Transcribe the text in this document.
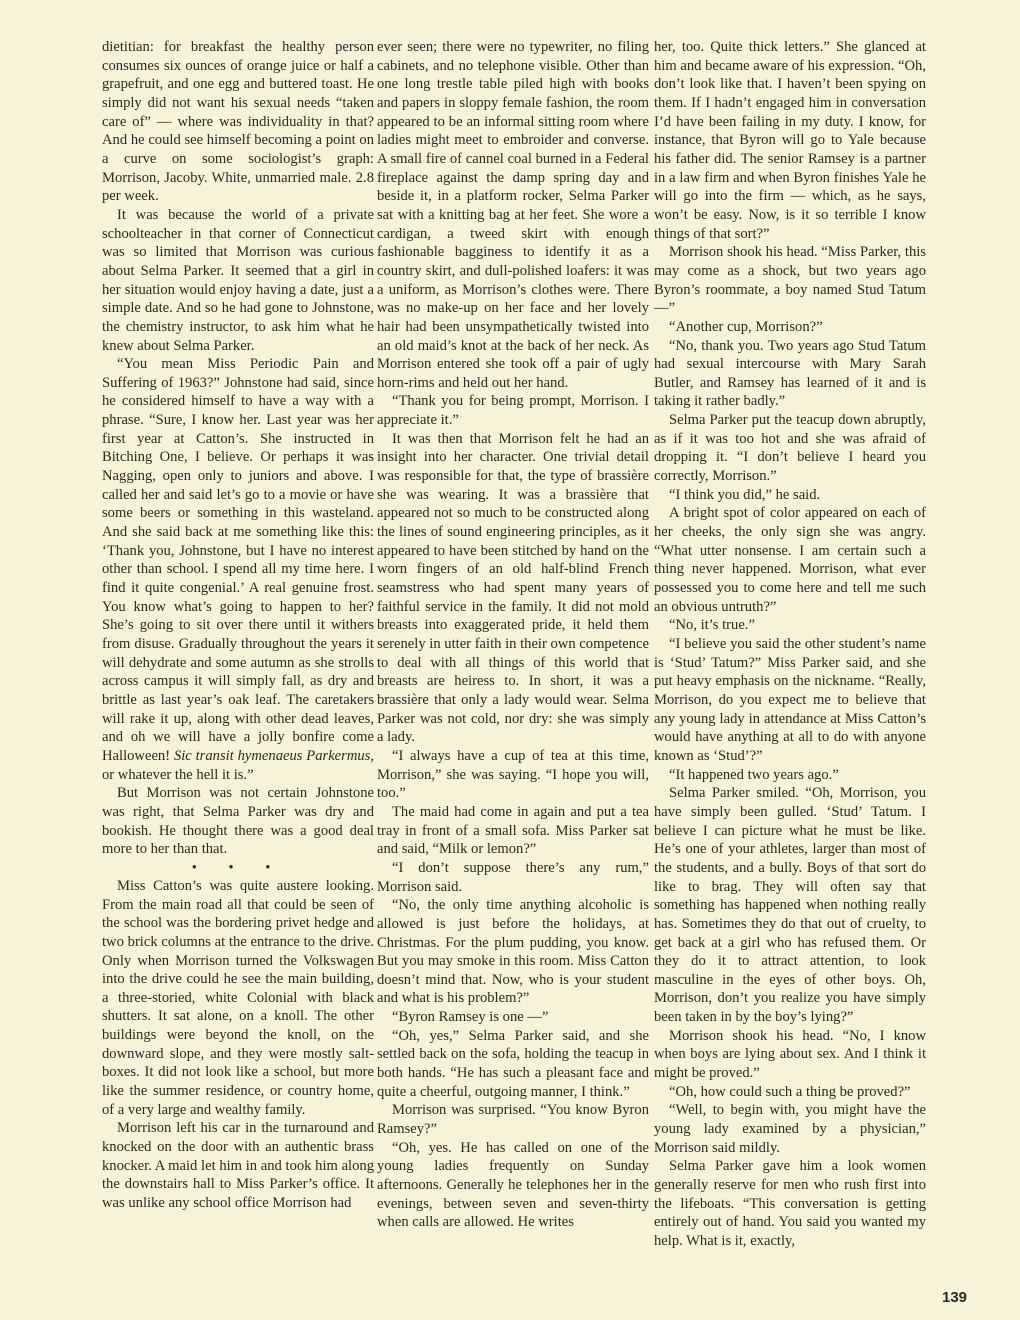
dietitian: for breakfast the healthy person consumes six ounces of orange juice or half a grapefruit, and one egg and buttered toast. He simply did not want his sexual needs “taken care of” — where was individuality in that? And he could see himself becoming a point on a curve on some sociologist’s graph: Morrison, Jacoby. White, unmarried male. 2.8 per week.

It was because the world of a private schoolteacher in that corner of Connecticut was so limited that Morrison was curious about Selma Parker. It seemed that a girl in her situation would enjoy having a date, just a simple date. And so he had gone to Johnstone, the chemistry instructor, to ask him what he knew about Selma Parker.

“You mean Miss Periodic Pain and Suffering of 1963?” Johnstone had said, since he considered himself to have a way with a phrase. “Sure, I know her. Last year was her first year at Catton’s. She instructed in Bitching One, I believe. Or perhaps it was Nagging, open only to juniors and above. I called her and said let’s go to a movie or have some beers or something in this wasteland. And she said back at me something like this: ‘Thank you, Johnstone, but I have no interest other than school. I spend all my time here. I find it quite congenial.’ A real genuine frost. You know what’s going to happen to her? She’s going to sit over there until it withers from disuse. Gradually throughout the years it will dehydrate and some autumn as she strolls across campus it will simply fall, as dry and brittle as last year’s oak leaf. The caretakers will rake it up, along with other dead leaves, and oh we will have a jolly bonfire come Halloween! Sic transit hymenaeus Parkermus, or whatever the hell it is.”

But Morrison was not certain Johnstone was right, that Selma Parker was dry and bookish. He thought there was a good deal more to her than that.

• • •

Miss Catton’s was quite austere looking. From the main road all that could be seen of the school was the bordering privet hedge and two brick columns at the entrance to the drive. Only when Morrison turned the Volkswagen into the drive could he see the main building, a three-storied, white Colonial with black shutters. It sat alone, on a knoll. The other buildings were beyond the knoll, on the downward slope, and they were mostly salt-boxes. It did not look like a school, but more like the summer residence, or country home, of a very large and wealthy family.

Morrison left his car in the turnaround and knocked on the door with an authentic brass knocker. A maid let him in and took him along the downstairs hall to Miss Parker’s office. It was unlike any school office Morrison had

ever seen; there were no typewriter, no filing cabinets, and no telephone visible. Other than one long trestle table piled high with books and papers in sloppy female fashion, the room appeared to be an informal sitting room where ladies might meet to embroider and converse. A small fire of cannel coal burned in a Federal fireplace against the damp spring day and beside it, in a platform rocker, Selma Parker sat with a knitting bag at her feet. She wore a cardigan, a tweed skirt with enough fashionable bagginess to identify it as a country skirt, and dull-polished loafers: it was a uniform, as Morrison’s clothes were. There was no make-up on her face and her lovely hair had been unsympathetically twisted into an old maid’s knot at the back of her neck. As Morrison entered she took off a pair of ugly horn-rims and held out her hand.

“Thank you for being prompt, Morrison. I appreciate it.”

It was then that Morrison felt he had an insight into her character. One trivial detail was responsible for that, the type of brassière she was wearing. It was a brassière that appeared not so much to be constructed along the lines of sound engineering principles, as it appeared to have been stitched by hand on the worn fingers of an old half-blind French seamstress who had spent many years of faithful service in the family. It did not mold breasts into exaggerated pride, it held them serenely in utter faith in their own competence to deal with all things of this world that breasts are heiress to. In short, it was a brassière that only a lady would wear. Selma Parker was not cold, nor dry: she was simply a lady.

“I always have a cup of tea at this time, Morrison,” she was saying. “I hope you will, too.”

The maid had come in again and put a tea tray in front of a small sofa. Miss Parker sat and said, “Milk or lemon?”

“I don’t suppose there’s any rum,” Morrison said.

“No, the only time anything alcoholic is allowed is just before the holidays, at Christmas. For the plum pudding, you know. But you may smoke in this room. Miss Catton doesn’t mind that. Now, who is your student and what is his problem?”

“Byron Ramsey is one —”

“Oh, yes,” Selma Parker said, and she settled back on the sofa, holding the teacup in both hands. “He has such a pleasant face and quite a cheerful, outgoing manner, I think.”

Morrison was surprised. “You know Byron Ramsey?”

“Oh, yes. He has called on one of the young ladies frequently on Sunday afternoons. Generally he telephones her in the evenings, between seven and seven-thirty when calls are allowed. He writes

her, too. Quite thick letters.” She glanced at him and became aware of his expression. “Oh, don’t look like that. I haven’t been spying on them. If I hadn’t engaged him in conversation I’d have been failing in my duty. I know, for instance, that Byron will go to Yale because his father did. The senior Ramsey is a partner in a law firm and when Byron finishes Yale he will go into the firm — which, as he says, won’t be easy. Now, is it so terrible I know things of that sort?”

Morrison shook his head. “Miss Parker, this may come as a shock, but two years ago Byron’s roommate, a boy named Stud Tatum —”

“Another cup, Morrison?”

“No, thank you. Two years ago Stud Tatum had sexual intercourse with Mary Sarah Butler, and Ramsey has learned of it and is taking it rather badly.”

Selma Parker put the teacup down abruptly, as if it was too hot and she was afraid of dropping it. “I don’t believe I heard you correctly, Morrison.”

“I think you did,” he said.

A bright spot of color appeared on each of her cheeks, the only sign she was angry. “What utter nonsense. I am certain such a thing never happened. Morrison, what ever possessed you to come here and tell me such an obvious untruth?”

“No, it’s true.”

“I believe you said the other student’s name is ‘Stud’ Tatum?” Miss Parker said, and she put heavy emphasis on the nickname. “Really, Morrison, do you expect me to believe that any young lady in attendance at Miss Catton’s would have anything at all to do with anyone known as ‘Stud’?”

“It happened two years ago.”

Selma Parker smiled. “Oh, Morrison, you have simply been gulled. ‘Stud’ Tatum. I believe I can picture what he must be like. He’s one of your athletes, larger than most of the students, and a bully. Boys of that sort do like to brag. They will often say that something has happened when nothing really has. Sometimes they do that out of cruelty, to get back at a girl who has refused them. Or they do it to attract attention, to look masculine in the eyes of other boys. Oh, Morrison, don’t you realize you have simply been taken in by the boy’s lying?”

Morrison shook his head. “No, I know when boys are lying about sex. And I think it might be proved.”

“Oh, how could such a thing be proved?”

“Well, to begin with, you might have the young lady examined by a physician,” Morrison said mildly.

Selma Parker gave him a look women generally reserve for men who rush first into the lifeboats. “This conversation is getting entirely out of hand. You said you wanted my help. What is it, exactly,

139
